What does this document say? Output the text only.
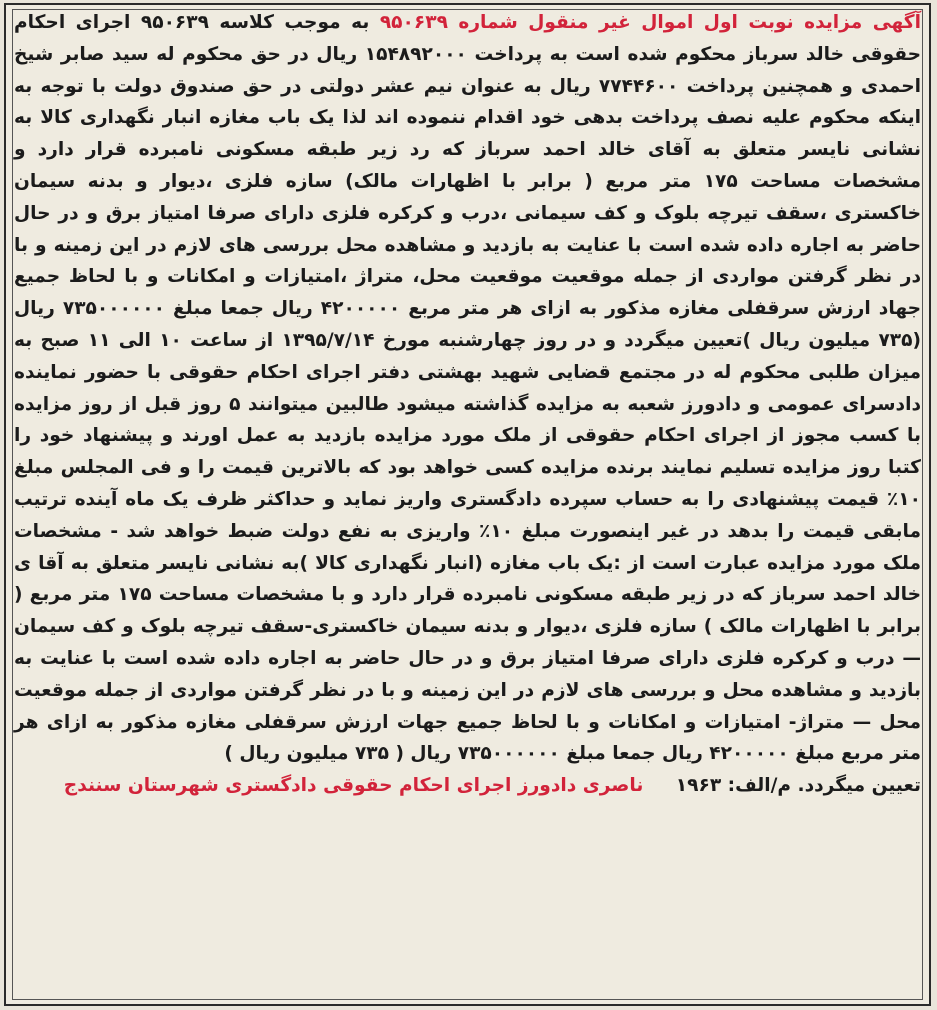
آگهی مزایده نوبت اول اموال غیر منقول شماره ۹۵۰۶۳۹ به موجب کلاسه ۹۵۰۶۳۹ اجرای احکام حقوقی خالد سرباز محکوم شده است به پرداخت ۱۵۴۸۹۲۰۰۰ ریال در حق محکوم له سید صابر شیخ احمدی و همچنین پرداخت ۷۷۴۴۶۰۰ ریال به عنوان نیم عشر دولتی در حق صندوق دولت با توجه به اینکه محکوم علیه نصف پرداخت بدهی خود اقدام ننموده اند لذا یک باب مغازه انبار نگهداری کالا به نشانی نایسر متعلق به آقای خالد احمد سرباز که رد زیر طبقه مسکونی نامبرده قرار دارد و مشخصات مساحت ۱۷۵ متر مربع ( برابر با اظهارات مالک) سازه فلزی ،دیوار و بدنه سیمان خاکستری ،سقف تیرچه بلوک و کف سیمانی ،درب و کرکره فلزی دارای صرفا امتیاز برق و در حال حاضر به اجاره داده شده است با عنایت به بازدید و مشاهده محل بررسی های لازم در این زمینه و با در نظر گرفتن مواردی از جمله موقعیت موقعیت محل، متراژ ،امتیازات و امکانات و با لحاظ جمیع جهاد ارزش سرقفلی مغازه مذکور به ازای هر متر مربع ۴۲۰۰۰۰۰ ریال جمعا مبلغ ۷۳۵۰۰۰۰۰۰ ریال (۷۳۵ میلیون ریال )تعیین میگردد و در روز چهارشنبه مورخ ۱۳۹۵/۷/۱۴ از ساعت ۱۰ الی ۱۱ صبح به میزان طلبی محکوم له در مجتمع قضایی شهید بهشتی دفتر اجرای احکام حقوقی با حضور نماینده دادسرای عمومی و دادورز شعبه به مزایده گذاشته میشود طالبین میتوانند ۵ روز قبل از روز مزایده با کسب مجوز از اجرای احکام حقوقی از ملک مورد مزایده بازدید به عمل اورند و پیشنهاد خود را کتبا روز مزایده تسلیم نمایند برنده مزایده کسی خواهد بود که بالاترین قیمت را و فی المجلس مبلغ ۱۰٪ قیمت پیشنهادی را به حساب سپرده دادگستری واریز نماید و حداکثر ظرف یک ماه آینده ترتیب مابقی قیمت را بدهد در غیر اینصورت مبلغ ۱۰٪ واریزی به نفع دولت ضبط خواهد شد - مشخصات ملک مورد مزایده عبارت است از :یک باب مغازه (انبار نگهداری کالا )به نشانی نایسر متعلق به آقا ی خالد احمد سرباز که در زیر طبقه مسکونی نامبرده قرار دارد و با مشخصات مساحت ۱۷۵ متر مربع ( برابر با اظهارات مالک ) سازه فلزی ،دیوار و بدنه سیمان خاکستری-سقف تیرچه بلوک و کف سیمان — درب و کرکره فلزی دارای صرفا امتیاز برق و در حال حاضر به اجاره داده شده است با عنایت به بازدید و مشاهده محل و بررسی های لازم در این زمینه و با در نظر گرفتن مواردی از جمله موقعیت محل — متراژ- امتیازات و امکانات و با لحاظ جمیع جهات ارزش سرقفلی مغازه مذکور به ازای هر متر مربع مبلغ ۴۲۰۰۰۰۰ ریال جمعا مبلغ ۷۳۵۰۰۰۰۰۰ ریال ( ۷۳۵ میلیون ریال )
تعیین میگردد. م/الف: ۱۹۶۳ ناصری دادورز اجرای احکام حقوقی دادگستری شهرستان سنندج
